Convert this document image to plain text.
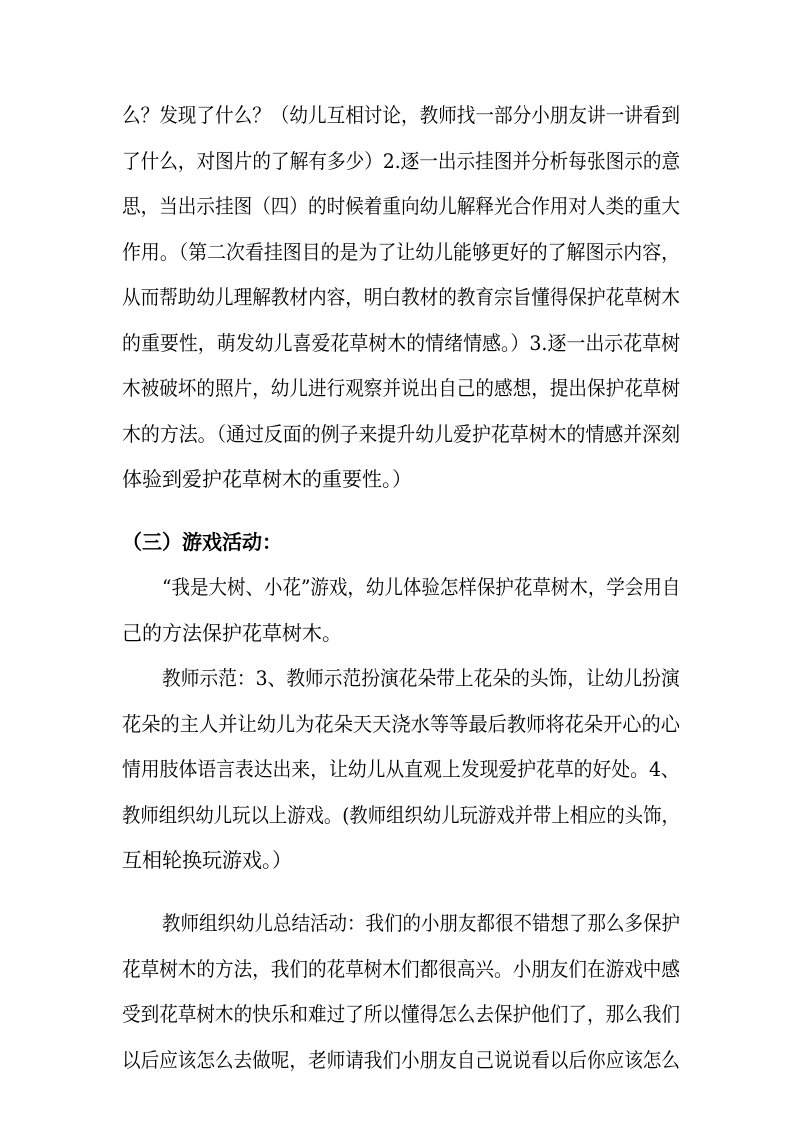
么？发现了什么？（幼儿互相讨论，教师找一部分小朋友讲一讲看到
了什么，对图片的了解有多少）2.逐一出示挂图并分析每张图示的意
思，当出示挂图（四）的时候着重向幼儿解释光合作用对人类的重大
作用。（第二次看挂图目的是为了让幼儿能够更好的了解图示内容，
从而帮助幼儿理解教材内容，明白教材的教育宗旨懂得保护花草树木
的重要性，萌发幼儿喜爱花草树木的情绪情感。）3.逐一出示花草树
木被破坏的照片，幼儿进行观察并说出自己的感想，提出保护花草树
木的方法。（通过反面的例子来提升幼儿爱护花草树木的情感并深刻
体验到爱护花草树木的重要性。）
（三）游戏活动：
“我是大树、小花”游戏，幼儿体验怎样保护花草树木，学会用自
己的方法保护花草树木。
教师示范：3、教师示范扮演花朵带上花朵的头饰，让幼儿扮演
花朵的主人并让幼儿为花朵天天浇水等等最后教师将花朵开心的心
情用肢体语言表达出来，让幼儿从直观上发现爱护花草的好处。4、
教师组织幼儿玩以上游戏。(教师组织幼儿玩游戏并带上相应的头饰，
互相轮换玩游戏。）
教师组织幼儿总结活动：我们的小朋友都很不错想了那么多保护
花草树木的方法，我们的花草树木们都很高兴。小朋友们在游戏中感
受到花草树木的快乐和难过了所以懂得怎么去保护他们了，那么我们
以后应该怎么去做呢，老师请我们小朋友自己说说看以后你应该怎么
